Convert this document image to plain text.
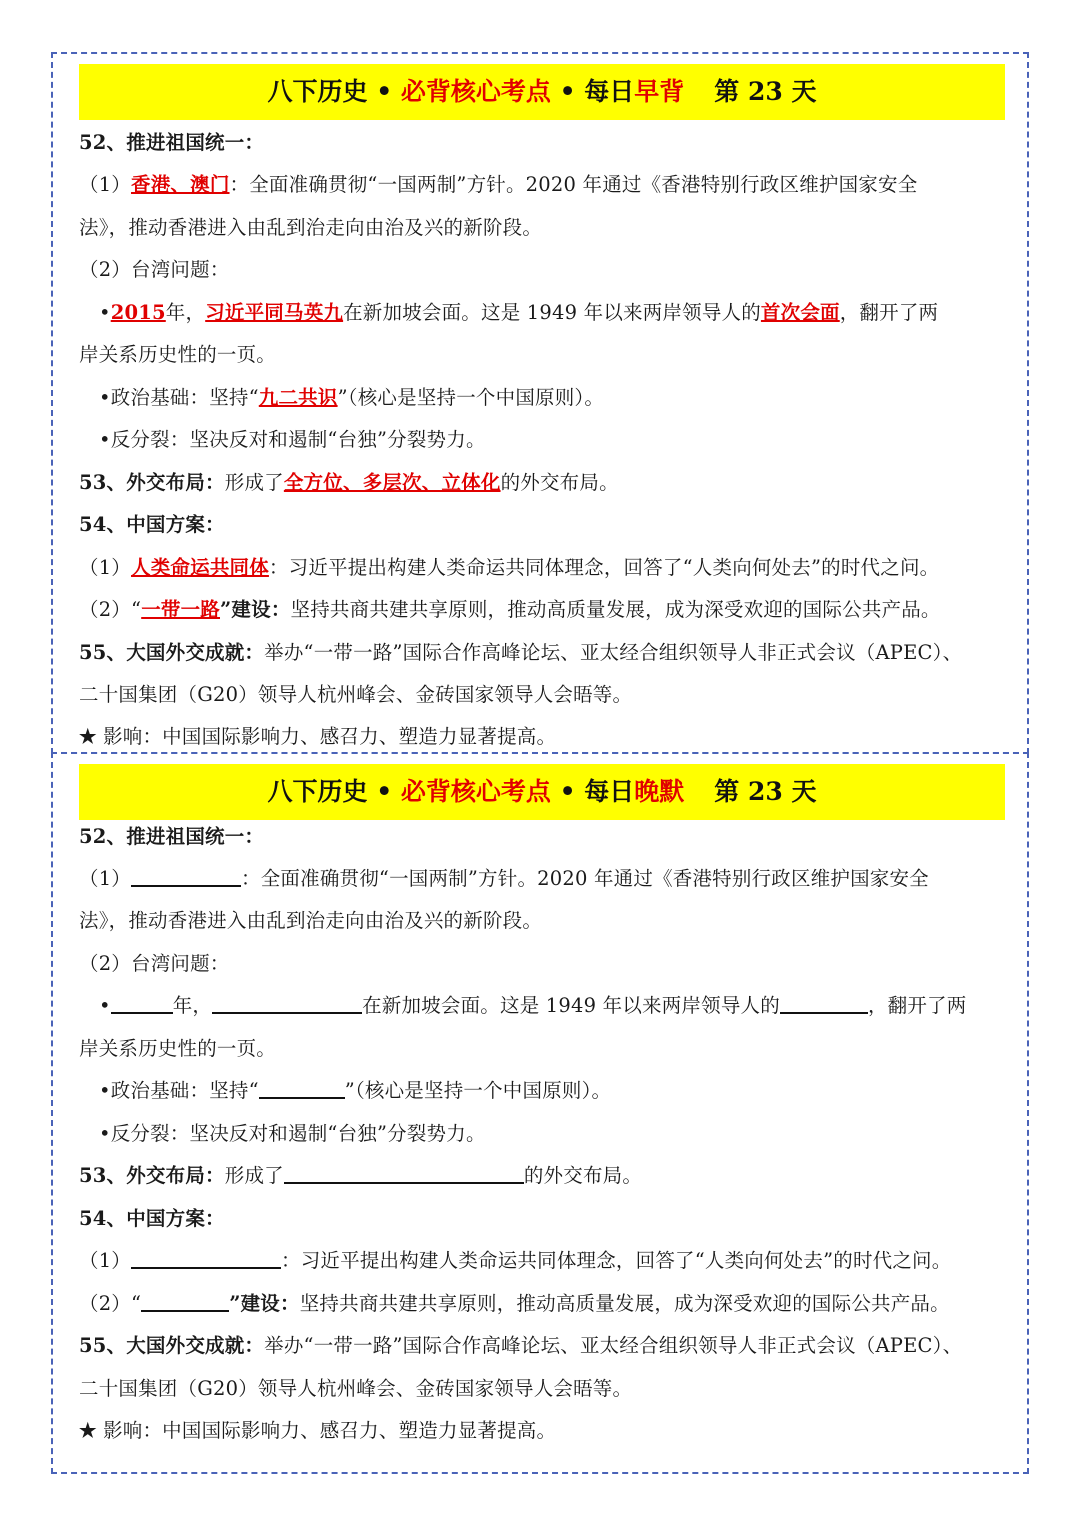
八下历史 • 必背核心考点 • 每日早背 第 23 天
52、推进祖国统一：
（1）香港、澳门：全面准确贯彻“一国两制”方针。2020 年通过《香港特别行政区维护国家安全
法》，推动香港进入由乱到治走向由治及兴的新阶段。
（2）台湾问题：
•2015年，习近平同马英九在新加坡会面。这是 1949 年以来两岸领导人的首次会面，翻开了两
岸关系历史性的一页。
•政治基础：坚持“九二共识”（核心是坚持一个中国原则）。
•反分裂：坚决反对和遏制“台独”分裂势力。
53、外交布局：形成了全方位、多层次、立体化的外交布局。
54、中国方案：
（1）人类命运共同体：习近平提出构建人类命运共同体理念，回答了“人类向何处去”的时代之问。
（2）“一带一路”建设：坚持共商共建共享原则，推动高质量发展，成为深受欢迎的国际公共产品。
55、大国外交成就：举办“一带一路”国际合作高峰论坛、亚太经合组织领导人非正式会议（APEC）、
二十国集团（G20）领导人杭州峰会、金砖国家领导人会晤等。
★ 影响：中国国际影响力、感召力、塑造力显著提高。
八下历史 • 必背核心考点 • 每日晚默 第 23 天
52、推进祖国统一：
（1）	：全面准确贯彻“一国两制”方针。2020 年通过《香港特别行政区维护国家安全
法》，推动香港进入由乱到治走向由治及兴的新阶段。
（2）台湾问题：
•	年，	在新加坡会面。这是 1949 年以来两岸领导人的	，翻开了两
岸关系历史性的一页。
•政治基础：坚持“	”（核心是坚持一个中国原则）。
•反分裂：坚决反对和遏制“台独”分裂势力。
53、外交布局：形成了	的外交布局。
54、中国方案：
（1）	：习近平提出构建人类命运共同体理念，回答了“人类向何处去”的时代之问。
（2）“	”建设：坚持共商共建共享原则，推动高质量发展，成为深受欢迎的国际公共产品。
55、大国外交成就：举办“一带一路”国际合作高峰论坛、亚太经合组织领导人非正式会议（APEC）、
二十国集团（G20）领导人杭州峰会、金砖国家领导人会晤等。
★ 影响：中国国际影响力、感召力、塑造力显著提高。
